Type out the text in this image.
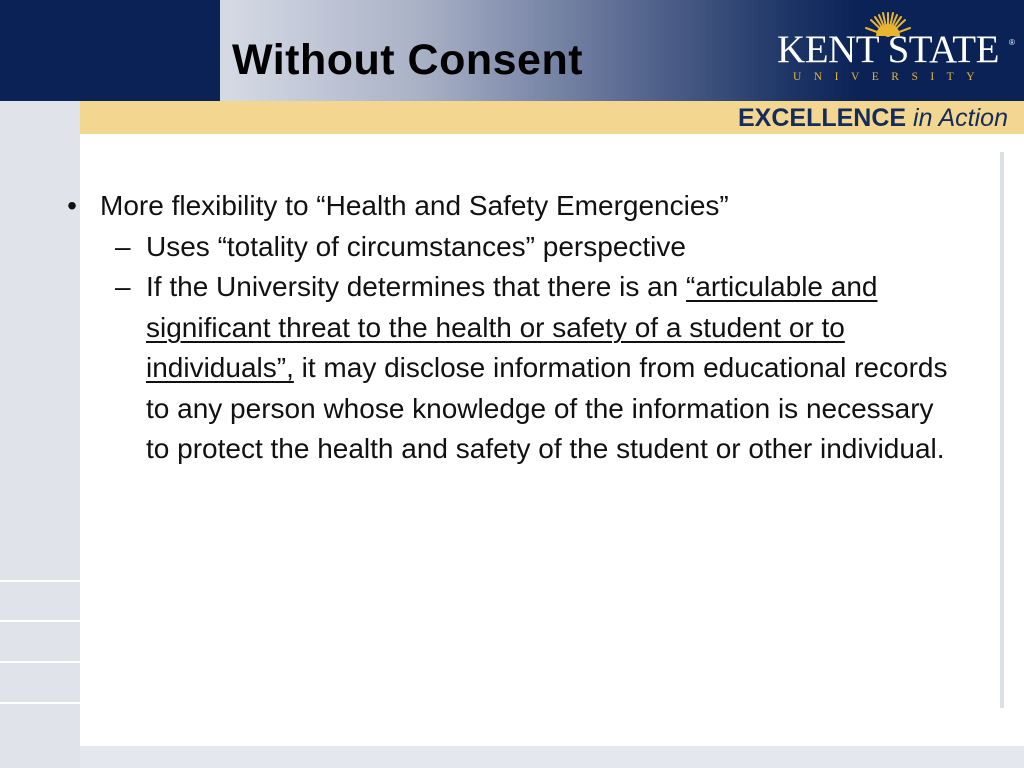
Without Consent	KENT STATE	®
UNIVERSITY
EXCELLENCE in Action
• More flexibility to “Health and Safety Emergencies”
– Uses “totality of circumstances” perspective
– If the University determines that there is an “articulable and significant threat to the health or safety of a student or to individuals”, it may disclose information from educational records to any person whose knowledge of the information is necessary to protect the health and safety of the student or other individual.
